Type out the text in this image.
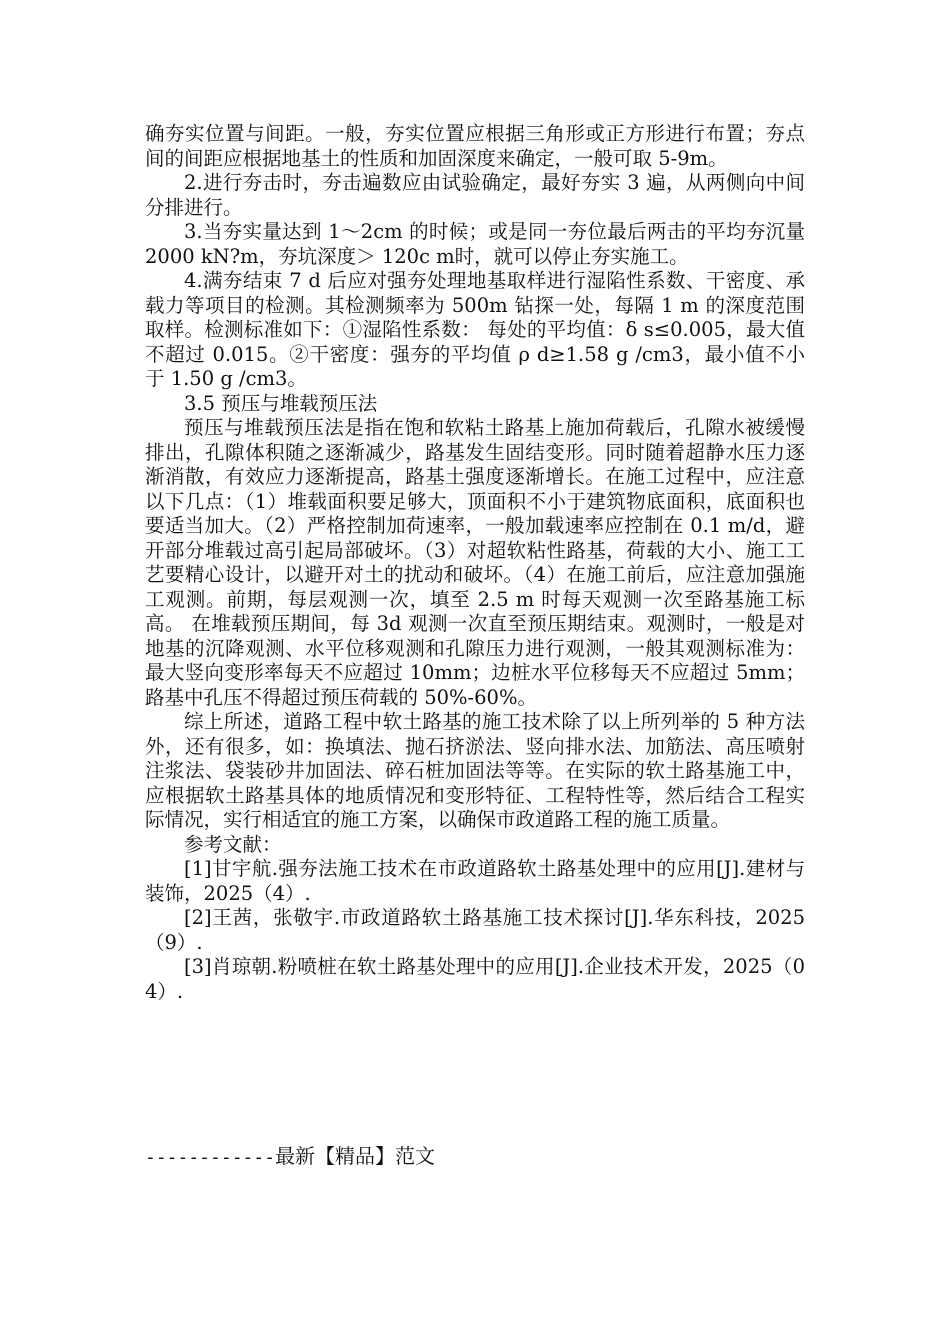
确夯实位置与间距。一般，夯实位置应根据三角形或正方形进行布置；夯点间的间距应根据地基土的性质和加固深度来确定，一般可取 5-9m。

2.进行夯击时，夯击遍数应由试验确定，最好夯实 3 遍，从两侧向中间分排进行。

3.当夯实量达到 1～2cm 的时候；或是同一夯位最后两击的平均夯沉量 2000 kN?m，夯坑深度＞ 120c m时，就可以停止夯实施工。

4.满夯结束 7 d 后应对强夯处理地基取样进行湿陷性系数、干密度、承载力等项目的检测。其检测频率为 500m 钻探一处，每隔 1 m 的深度范围取样。检测标准如下：①湿陷性系数： 每处的平均值：δ s≤0.005，最大值不超过 0.015。②干密度：强夯的平均值 ρ d≥1.58 g /cm3，最小值不小于 1.50 g /cm3。

3.5 预压与堆载预压法

预压与堆载预压法是指在饱和软粘土路基上施加荷载后，孔隙水被缓慢排出，孔隙体积随之逐渐减少，路基发生固结变形。同时随着超静水压力逐渐消散，有效应力逐渐提高，路基土强度逐渐增长。在施工过程中，应注意以下几点：（1）堆载面积要足够大，顶面积不小于建筑物底面积，底面积也要适当加大。（2）严格控制加荷速率，一般加载速率应控制在 0.1 m/d，避开部分堆载过高引起局部破坏。（3）对超软粘性路基，荷载的大小、施工工艺要精心设计，以避开对土的扰动和破坏。（4）在施工前后，应注意加强施工观测。前期，每层观测一次，填至 2.5 m 时每天观测一次至路基施工标高。 在堆载预压期间，每 3d 观测一次直至预压期结束。观测时，一般是对地基的沉降观测、水平位移观测和孔隙压力进行观测，一般其观测标准为：最大竖向变形率每天不应超过 10mm；边桩水平位移每天不应超过 5mm；路基中孔压不得超过预压荷载的 50%-60%。

综上所述，道路工程中软土路基的施工技术除了以上所列举的 5 种方法外，还有很多，如：换填法、抛石挤淤法、竖向排水法、加筋法、高压喷射注浆法、袋装砂井加固法、碎石桩加固法等等。在实际的软土路基施工中，应根据软土路基具体的地质情况和变形特征、工程特性等，然后结合工程实际情况，实行相适宜的施工方案，以确保市政道路工程的施工质量。

参考文献：

[1]甘宇航.强夯法施工技术在市政道路软土路基处理中的应用[J].建材与装饰，2025（4）.

[2]王茜，张敬宇.市政道路软土路基施工技术探讨[J].华东科技，2025（9）.

[3]肖琼朝.粉喷桩在软土路基处理中的应用[J].企业技术开发，2025（04）.

------------最新【精品】范文
